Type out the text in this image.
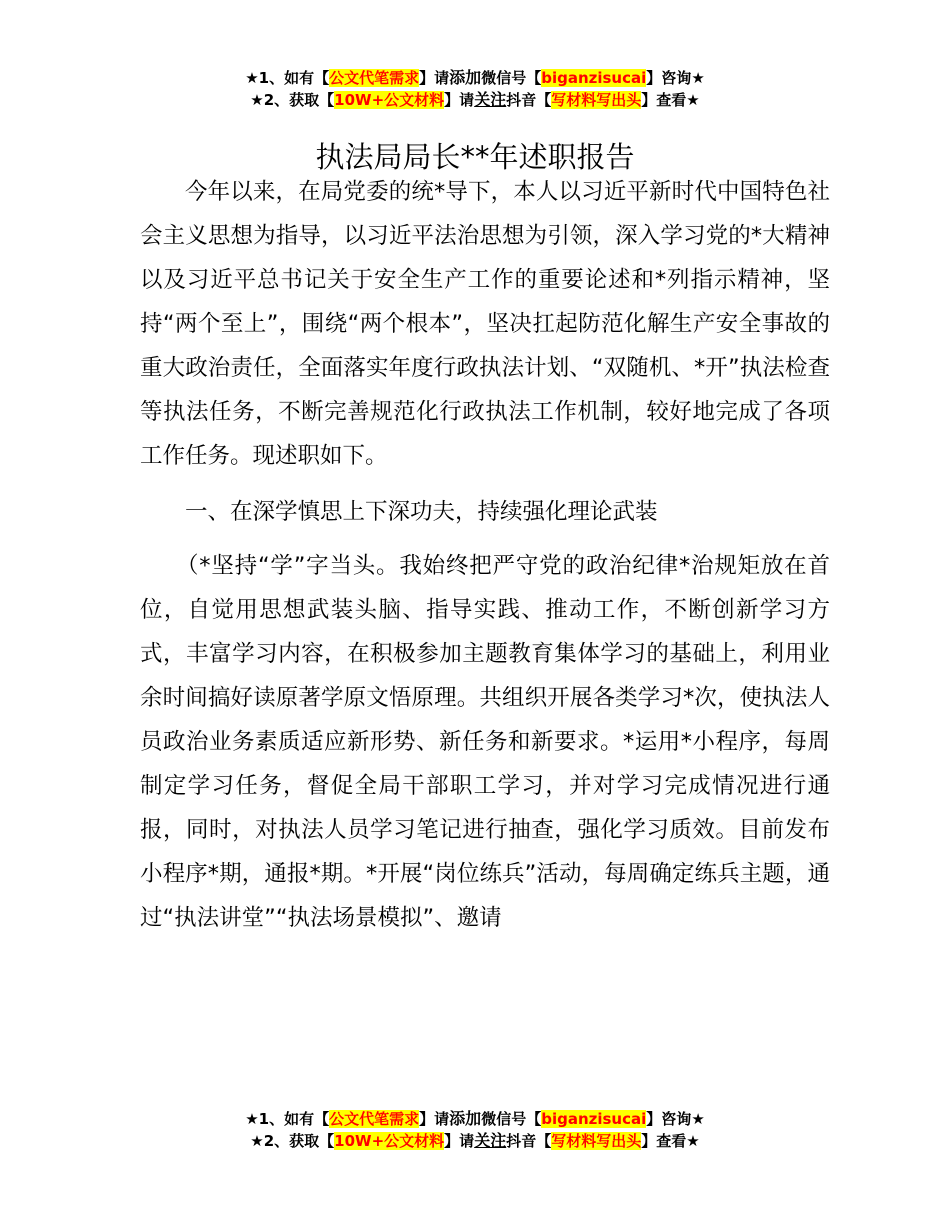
★1、如有【公文代笔需求】请添加微信号【biganzisucai】咨询★
★2、获取【10W+公文材料】请关注抖音【写材料写出头】查看★
执法局局长**年述职报告

今年以来，在局党委的统*导下，本人以习近平新时代中国特色社会主义思想为指导，以习近平法治思想为引领，深入学习党的*大精神以及习近平总书记关于安全生产工作的重要论述和*列指示精神，坚持“两个至上”，围绕“两个根本”，坚决扛起防范化解生产安全事故的重大政治责任，全面落实年度行政执法计划、“双随机、*开”执法检查等执法任务，不断完善规范化行政执法工作机制，较好地完成了各项工作任务。现述职如下。

一、在深学慎思上下深功夫，持续强化理论武装

（*坚持“学”字当头。我始终把严守党的政治纪律*治规矩放在首位，自觉用思想武装头脑、指导实践、推动工作，不断创新学习方式，丰富学习内容，在积极参加主题教育集体学习的基础上，利用业余时间搞好读原著学原文悟原理。共组织开展各类学习*次，使执法人员政治业务素质适应新形势、新任务和新要求。*运用*小程序，每周制定学习任务，督促全局干部职工学习，并对学习完成情况进行通报，同时，对执法人员学习笔记进行抽查，强化学习质效。目前发布小程序*期，通报*期。*开展“岗位练兵”活动，每周确定练兵主题，通过“执法讲堂”“执法场景模拟”、邀请

★1、如有【公文代笔需求】请添加微信号【biganzisucai】咨询★
★2、获取【10W+公文材料】请关注抖音【写材料写出头】查看★
